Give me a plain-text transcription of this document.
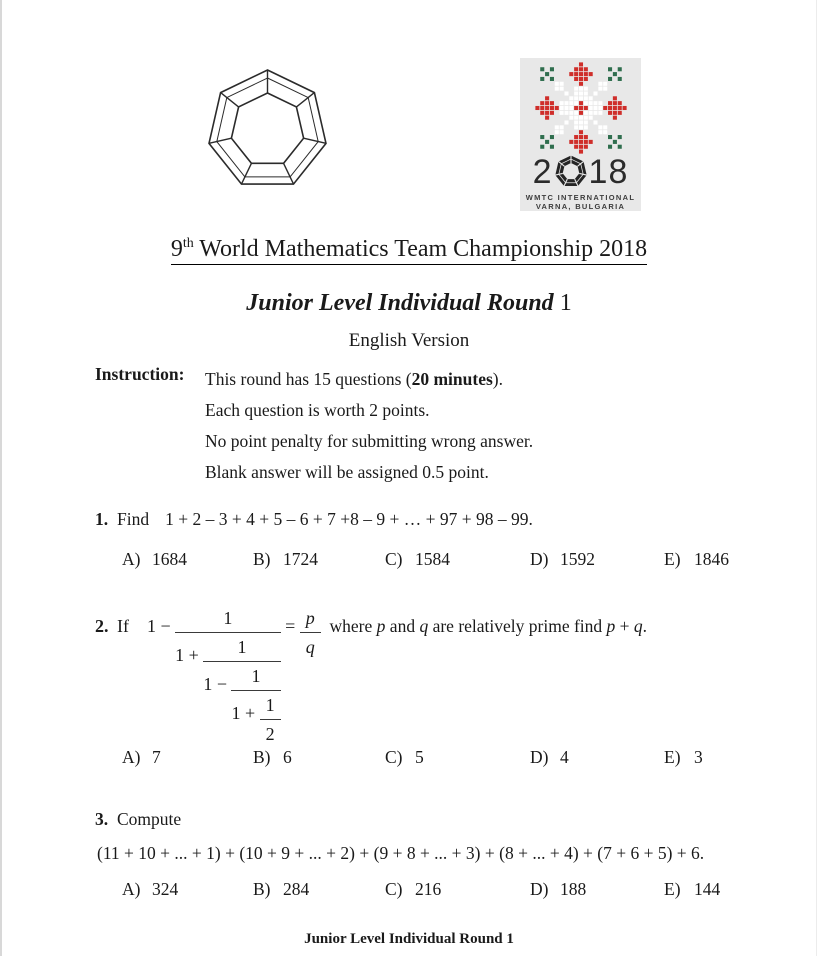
2 18
WMTC INTERNATIONAL
VARNA, BULGARIA
9th World Mathematics Team Championship 2018
Junior Level Individual Round 1
English Version
Instruction: This round has 15 questions (20 minutes).
Each question is worth 2 points.
No point penalty for submitting wrong answer.
Blank answer will be assigned 0.5 point.
1. Find 1 + 2 – 3 + 4 + 5 – 6 + 7 +8 – 9 + … + 97 + 98 – 99.
A) 1684	B) 1724	C) 1584	D) 1592	E) 1846
2. If 1 −	1
1 +	1
1 −	1
$1 + \frac{1}{2}$
= $\frac{p}{q}$ where p and q are relatively prime find p + q.
A) 7	B) 6	C) 5	D) 4	E) 3
3. Compute
(11 + 10 + ... + 1) + (10 + 9 + ... + 2) + (9 + 8 + ... + 3) + (8 + ... + 4) + (7 + 6 + 5) + 6.
A) 324	B) 284	C) 216	D) 188	E) 144
Junior Level Individual Round 1
